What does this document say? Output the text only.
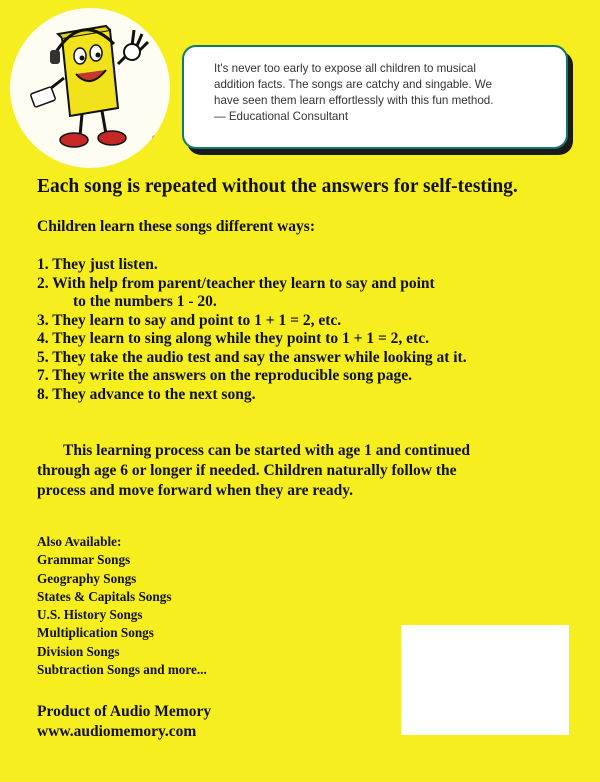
®
It's never too early to expose all children to musical
addition facts. The songs are catchy and singable. We
have seen them learn effortlessly with this fun method.
— Educational Consultant
Each song is repeated without the answers for self-testing.
Children learn these songs different ways:
1. They just listen.
2. With help from parent/teacher they learn to say and point
to the numbers 1 - 20.
3. They learn to say and point to 1 + 1 = 2, etc.
4. They learn to sing along while they point to 1 + 1 = 2, etc.
5. They take the audio test and say the answer while looking at it.
7. They write the answers on the reproducible song page.
8. They advance to the next song.
This learning process can be started with age 1 and continued
through age 6 or longer if needed. Children naturally follow the
process and move forward when they are ready.
Also Available:
Grammar Songs
Geography Songs
States & Capitals Songs
U.S. History Songs
Multiplication Songs
Division Songs
Subtraction Songs and more...
Product of Audio Memory
www.audiomemory.com
